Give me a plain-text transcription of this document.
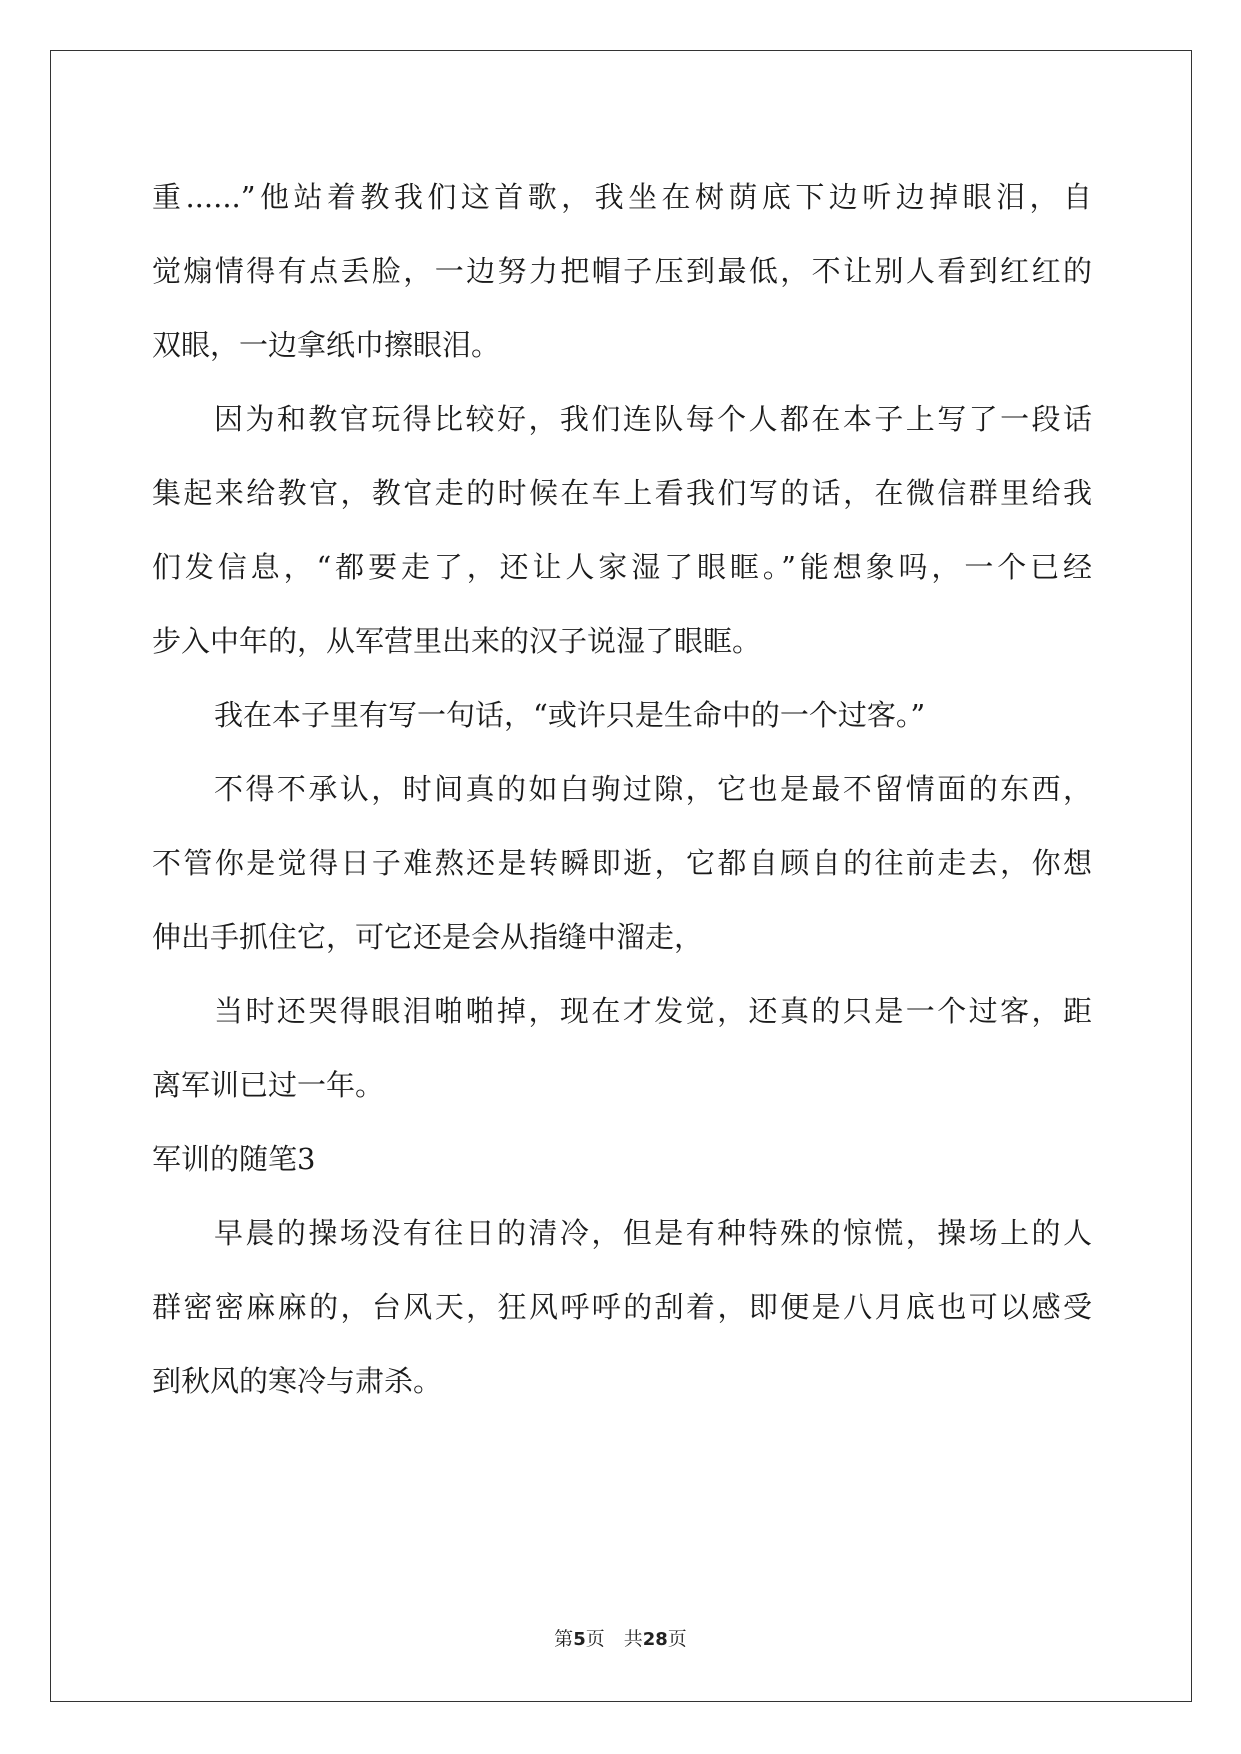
重......”他站着教我们这首歌，我坐在树荫底下边听边掉眼泪，自
觉煽情得有点丢脸，一边努力把帽子压到最低，不让别人看到红红的
双眼，一边拿纸巾擦眼泪。
因为和教官玩得比较好，我们连队每个人都在本子上写了一段话
集起来给教官，教官走的时候在车上看我们写的话，在微信群里给我
们发信息，“都要走了，还让人家湿了眼眶。”能想象吗，一个已经
步入中年的，从军营里出来的汉子说湿了眼眶。
我在本子里有写一句话，“或许只是生命中的一个过客。”
不得不承认，时间真的如白驹过隙，它也是最不留情面的东西，
不管你是觉得日子难熬还是转瞬即逝，它都自顾自的往前走去，你想
伸出手抓住它，可它还是会从指缝中溜走，
当时还哭得眼泪啪啪掉，现在才发觉，还真的只是一个过客，距
离军训已过一年。
军训的随笔3
早晨的操场没有往日的清冷，但是有种特殊的惊慌，操场上的人
群密密麻麻的，台风天，狂风呼呼的刮着，即便是八月底也可以感受
到秋风的寒冷与肃杀。
第5页　共28页
